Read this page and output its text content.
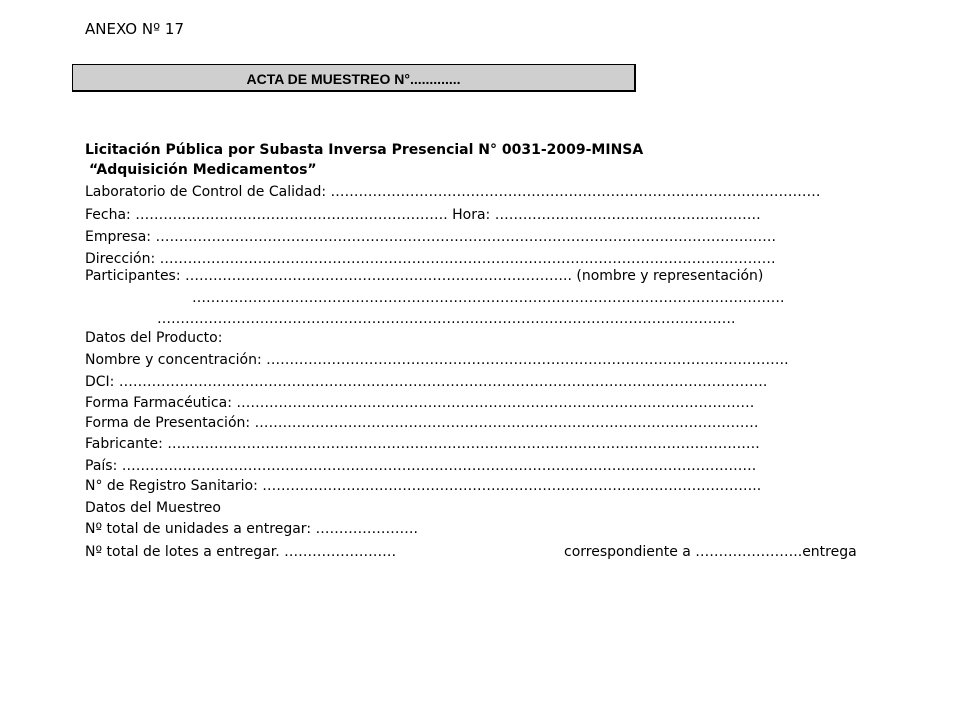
ANEXO Nº 17
ACTA DE MUESTREO N°.............
Licitación Pública por Subasta Inversa Presencial N° 0031-2009-MINSA
“Adquisición Medicamentos”
Laboratorio de Control de Calidad: ……………………………………………………………………………………………
Fecha: …………………………………………………………. Hora: …………………………………………………
Empresa: …………………………………………………………………………………………………………………….
Dirección: ……………………………………………………………………………………………………………………
Participantes: ……………………………………………………………………….. (nombre y representación)
……………………………………………………………………………………………………………….
…………………………………………………………………………………………………………….
Datos del Producto:
Nombre y concentración: ………………………………………………………………………………………………….
DCI: ………………………………………………………………………………………………………………………….
Forma Farmacéutica: …………………………………………………………………………………………………
Forma de Presentación: ………………………………………………………………………………………………
Fabricante: ……………………………………………………………………………………………………………….
País: ……………………………………………………………………………………………………………………….
N° de Registro Sanitario: ……………………………………………………………………………………………..
Datos del Muestreo
Nº total de unidades a entregar: ………………….
Nº total de lotes a entregar. ……………………	correspondiente a …………………..entrega
